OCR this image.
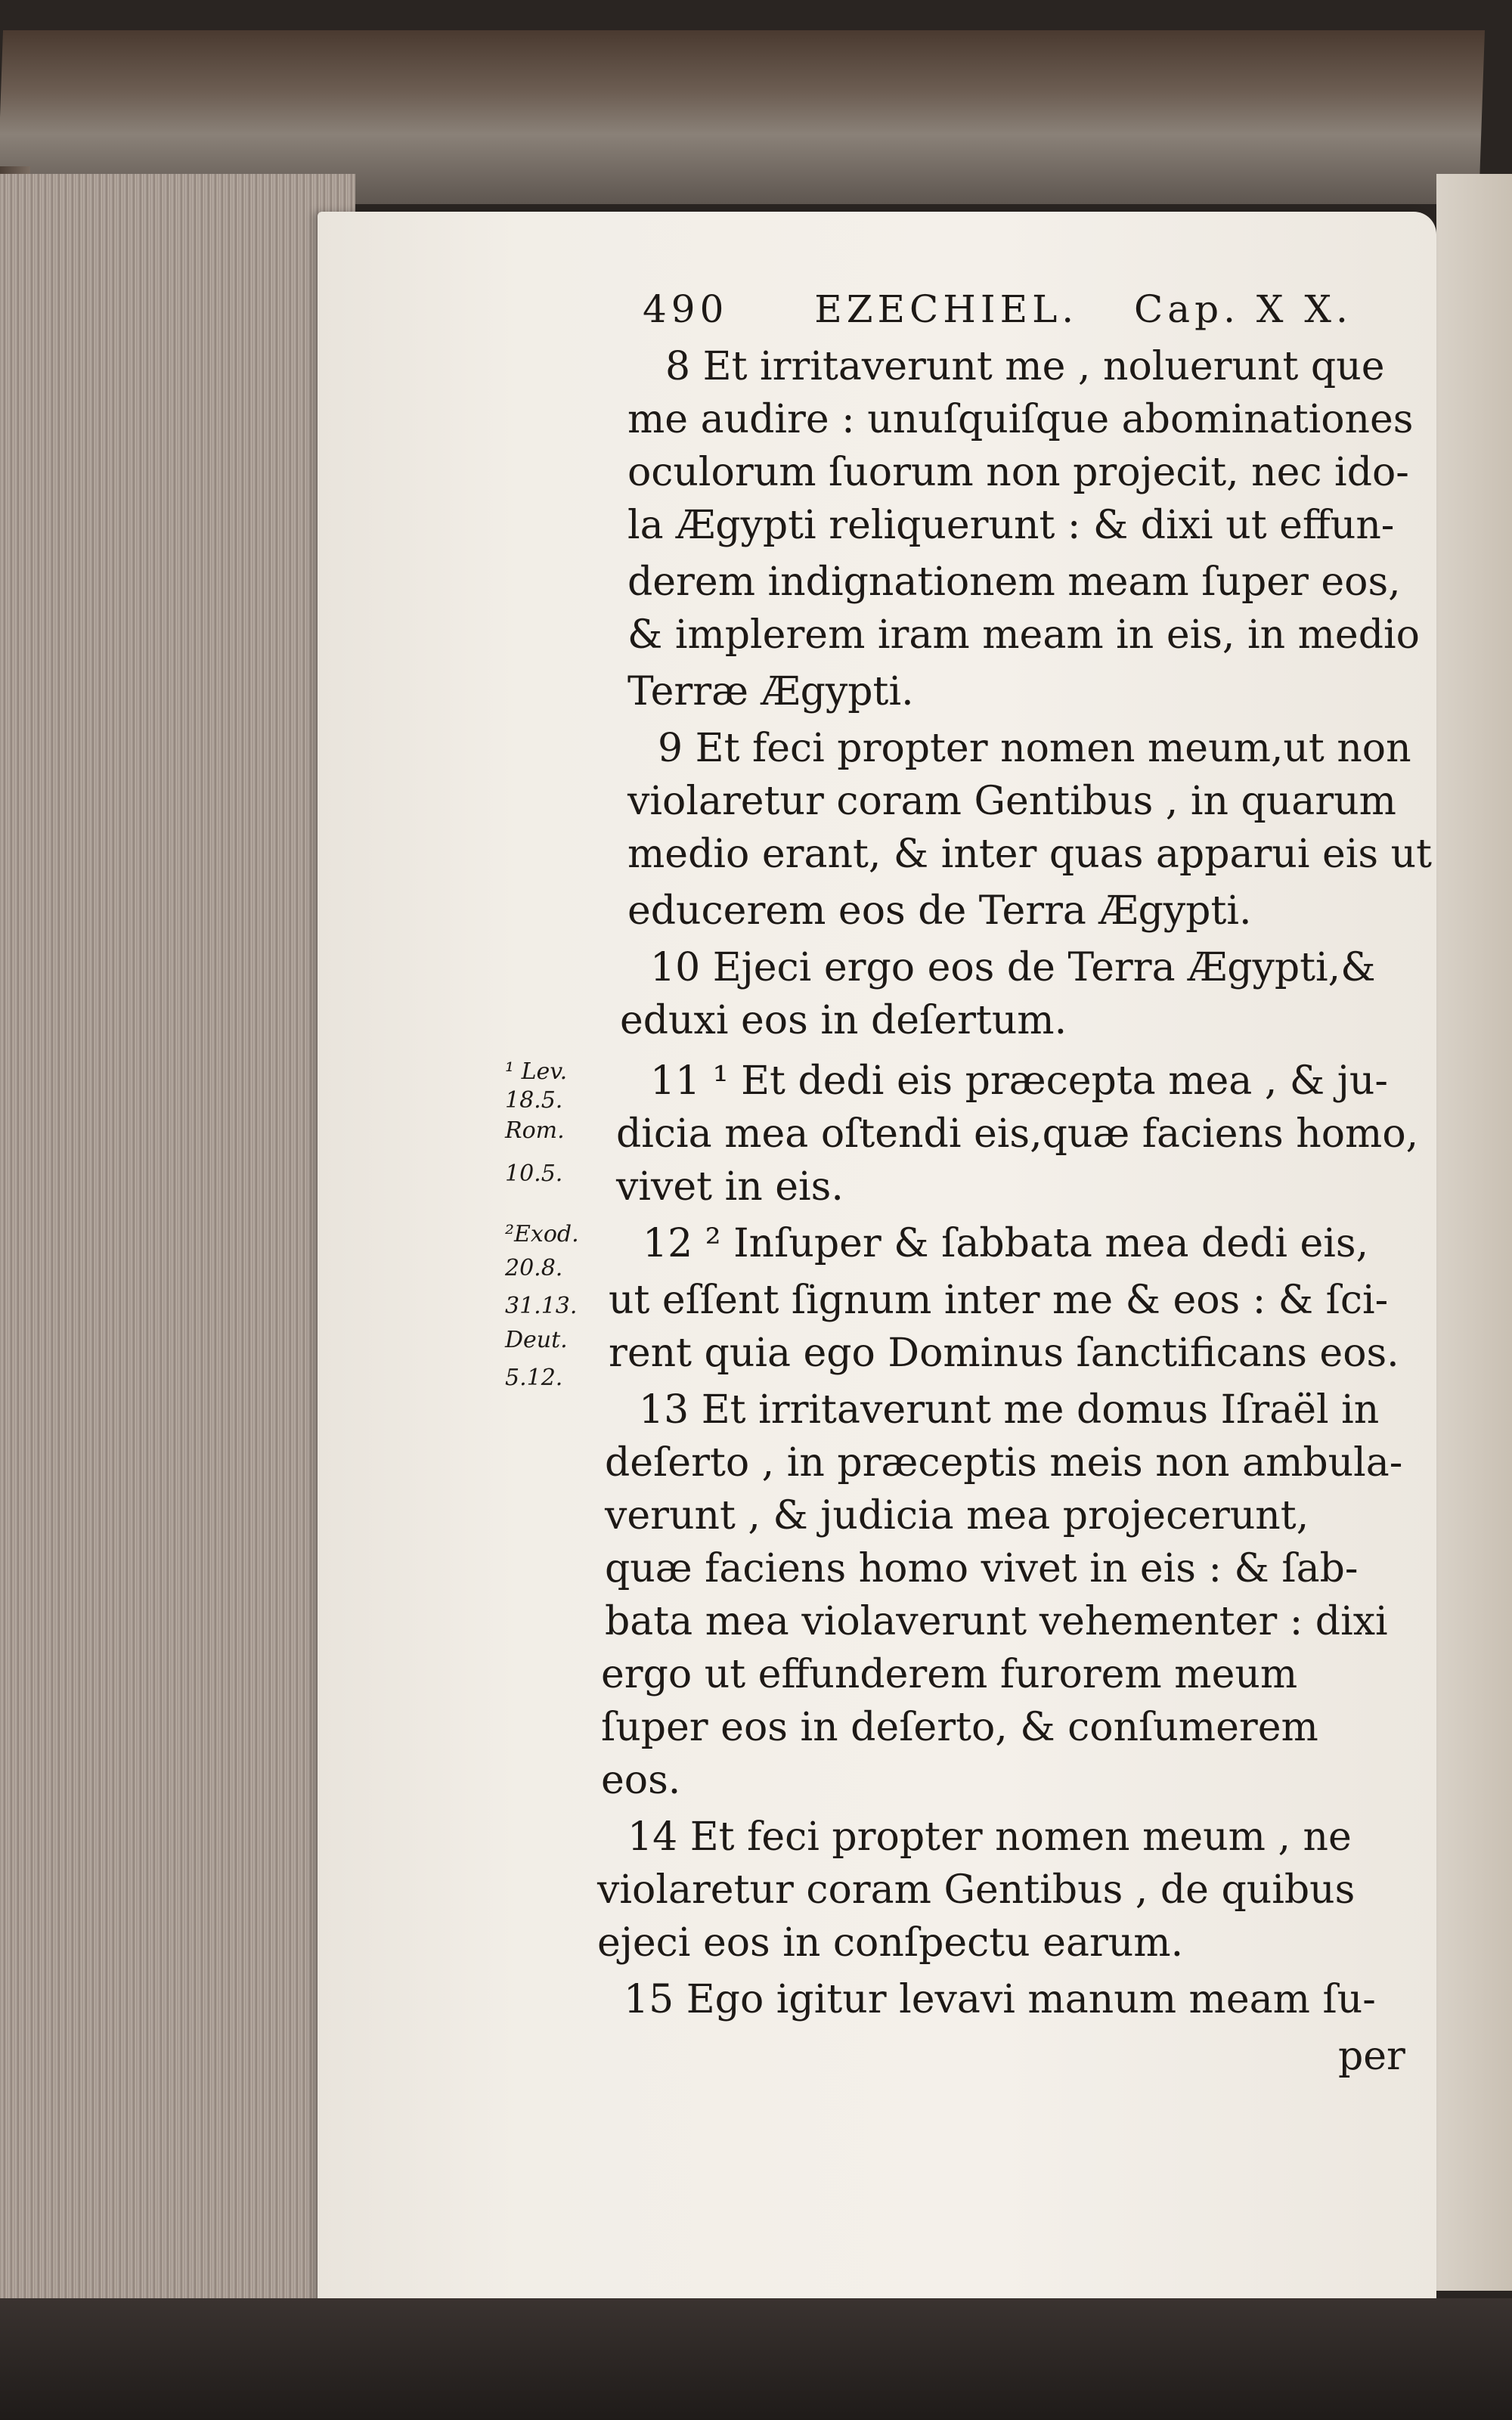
490 EZECHIEL. Cap. X X.
8 Et irritaverunt me , noluerunt que
me audire : unuſquiſque abominationes
oculorum ſuorum non projecit, nec ido-
la Ægypti reliquerunt : & dixi ut effun-
derem indignationem meam ſuper eos,
& implerem iram meam in eis, in medio
Terræ Ægypti.
9 Et feci propter nomen meum,ut non
violaretur coram Gentibus , in quarum
medio erant, & inter quas apparui eis ut
educerem eos de Terra Ægypti.
10 Ejeci ergo eos de Terra Ægypti,&
eduxi eos in deſertum.
11 ¹ Et dedi eis præcepta mea , & ju-
dicia mea oſtendi eis,quæ faciens homo,
vivet in eis.
12 ² Inſuper & ſabbata mea dedi eis,
ut eſſent ſignum inter me & eos : & ſci-
rent quia ego Dominus ſanctificans eos.
13 Et irritaverunt me domus Iſraël in
deſerto , in præceptis meis non ambula-
verunt , & judicia mea projecerunt,
quæ faciens homo vivet in eis : & ſab-
bata mea violaverunt vehementer : dixi
ergo ut effunderem furorem meum
ſuper eos in deſerto, & conſumerem
eos.
14 Et feci propter nomen meum , ne
violaretur coram Gentibus , de quibus
ejeci eos in conſpectu earum.
15 Ego igitur levavi manum meam ſu-
per
¹ Lev.
18.5.
Rom.
10.5.
²Exod.
20.8.
31.13.
Deut.
5.12.
